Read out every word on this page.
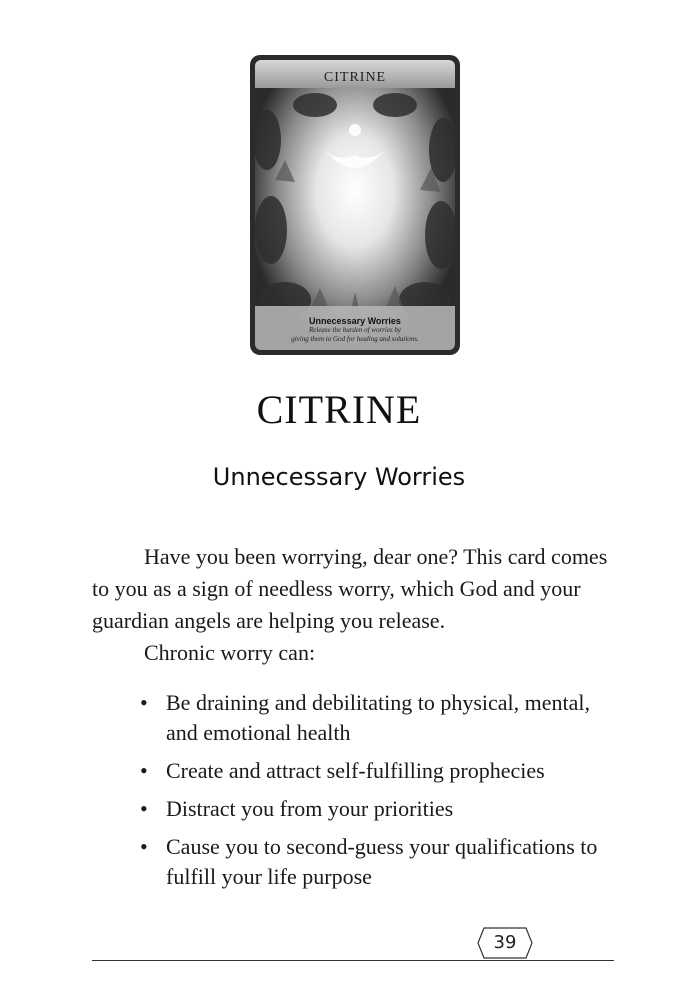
CITRINE
Unnecessary Worries
Release the burden of worries by
giving them to God for healing and solutions.
CITRINE
Unnecessary Worries

Have you been worrying, dear one? This card comes to you as a sign of needless worry, which God and your guardian angels are helping you release.

Chronic worry can:
• Be draining and debilitating to physical, mental, and emotional health
• Create and attract self-fulfilling prophecies
• Distract you from your priorities
• Cause you to second-guess your qualifications to fulfill your life purpose
39
